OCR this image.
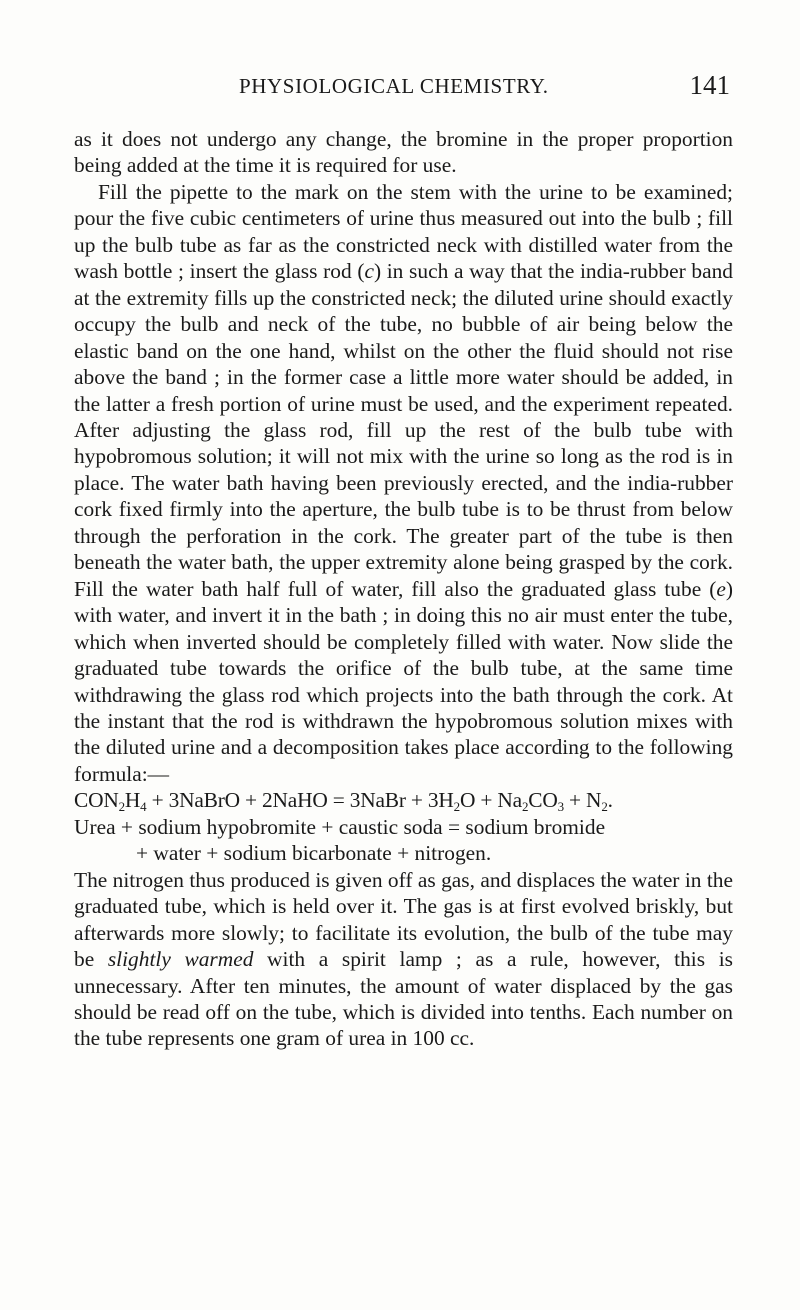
PHYSIOLOGICAL CHEMISTRY.	141

as it does not undergo any change, the bromine in the proper proportion being added at the time it is required for use.

Fill the pipette to the mark on the stem with the urine to be examined; pour the five cubic centimeters of urine thus measured out into the bulb ; fill up the bulb tube as far as the constricted neck with distilled water from the wash bottle ; insert the glass rod (c) in such a way that the india-rubber band at the extremity fills up the constricted neck; the diluted urine should exactly occupy the bulb and neck of the tube, no bubble of air being below the elastic band on the one hand, whilst on the other the fluid should not rise above the band ; in the former case a little more water should be added, in the latter a fresh portion of urine must be used, and the experiment repeated. After adjusting the glass rod, fill up the rest of the bulb tube with hypobromous solution; it will not mix with the urine so long as the rod is in place. The water bath having been previously erected, and the india-rubber cork fixed firmly into the aperture, the bulb tube is to be thrust from below through the perforation in the cork. The greater part of the tube is then beneath the water bath, the upper extremity alone being grasped by the cork. Fill the water bath half full of water, fill also the graduated glass tube (e) with water, and invert it in the bath ; in doing this no air must enter the tube, which when inverted should be completely filled with water. Now slide the graduated tube towards the orifice of the bulb tube, at the same time withdrawing the glass rod which projects into the bath through the cork. At the instant that the rod is withdrawn the hypobromous solution mixes with the diluted urine and a decomposition takes place according to the following formula:—

$CON_2H_4$ + 3NaBrO + 2NaHO = 3NaBr + $3H_2O + Na_2CO_3 + N_2$.

Urea + sodium hypobromite + caustic soda = sodium bromide

+ water + sodium bicarbonate + nitrogen.

The nitrogen thus produced is given off as gas, and displaces the water in the graduated tube, which is held over it. The gas is at first evolved briskly, but afterwards more slowly; to facilitate its evolution, the bulb of the tube may be slightly warmed with a spirit lamp ; as a rule, however, this is unnecessary. After ten minutes, the amount of water displaced by the gas should be read off on the tube, which is divided into tenths. Each number on the tube represents one gram of urea in 100 cc.
